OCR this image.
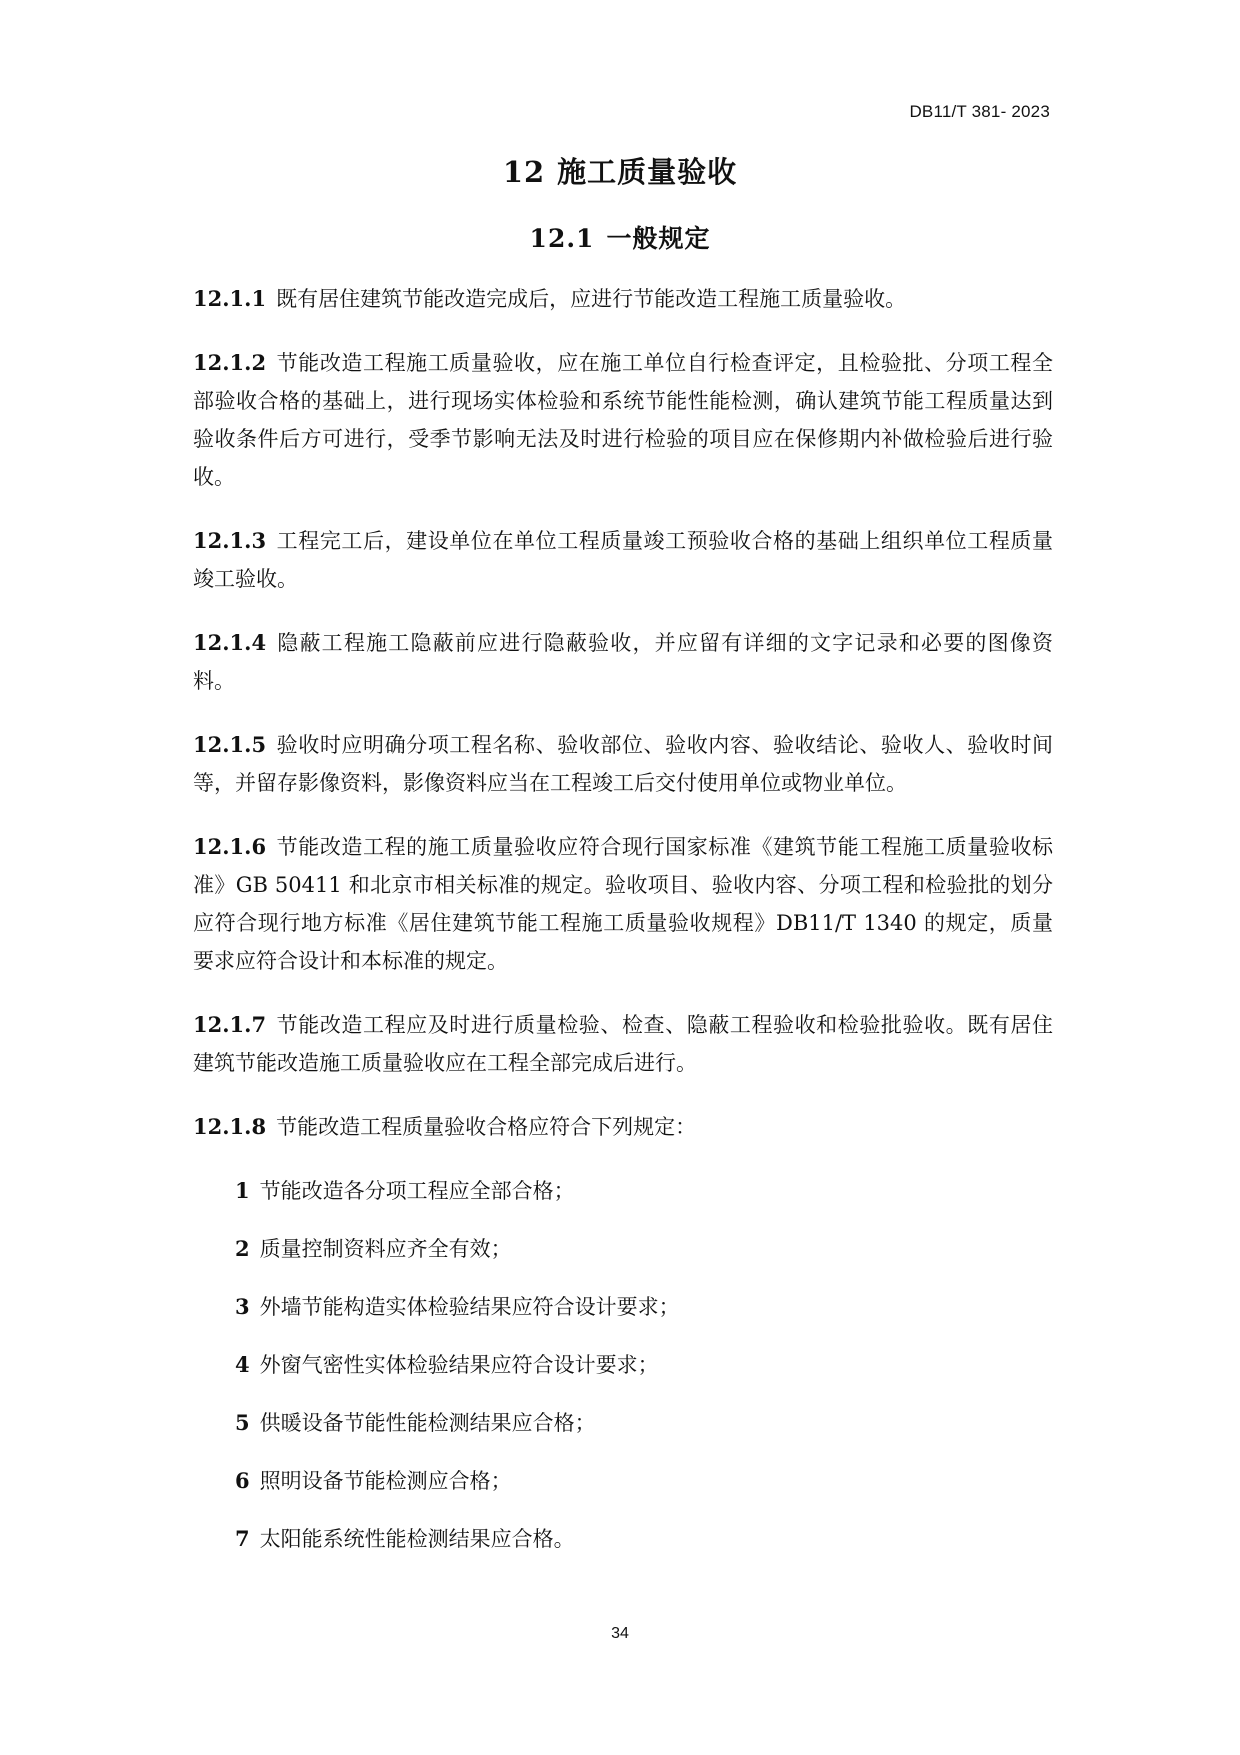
DB11/T 381- 2023
12 施工质量验收
12.1 一般规定

12.1.1 既有居住建筑节能改造完成后，应进行节能改造工程施工质量验收。

12.1.2 节能改造工程施工质量验收，应在施工单位自行检查评定，且检验批、分项工程全部验收合格的基础上，进行现场实体检验和系统节能性能检测，确认建筑节能工程质量达到验收条件后方可进行，受季节影响无法及时进行检验的项目应在保修期内补做检验后进行验收。

12.1.3 工程完工后，建设单位在单位工程质量竣工预验收合格的基础上组织单位工程质量竣工验收。

12.1.4 隐蔽工程施工隐蔽前应进行隐蔽验收，并应留有详细的文字记录和必要的图像资料。

12.1.5 验收时应明确分项工程名称、验收部位、验收内容、验收结论、验收人、验收时间等，并留存影像资料，影像资料应当在工程竣工后交付使用单位或物业单位。

12.1.6 节能改造工程的施工质量验收应符合现行国家标准《建筑节能工程施工质量验收标准》GB 50411 和北京市相关标准的规定。验收项目、验收内容、分项工程和检验批的划分应符合现行地方标准《居住建筑节能工程施工质量验收规程》DB11/T 1340 的规定，质量要求应符合设计和本标准的规定。

12.1.7 节能改造工程应及时进行质量检验、检查、隐蔽工程验收和检验批验收。既有居住建筑节能改造施工质量验收应在工程全部完成后进行。

12.1.8 节能改造工程质量验收合格应符合下列规定：

1 节能改造各分项工程应全部合格；
2 质量控制资料应齐全有效；
3 外墙节能构造实体检验结果应符合设计要求；
4 外窗气密性实体检验结果应符合设计要求；
5 供暖设备节能性能检测结果应合格；
6 照明设备节能检测应合格；
7 太阳能系统性能检测结果应合格。
34
